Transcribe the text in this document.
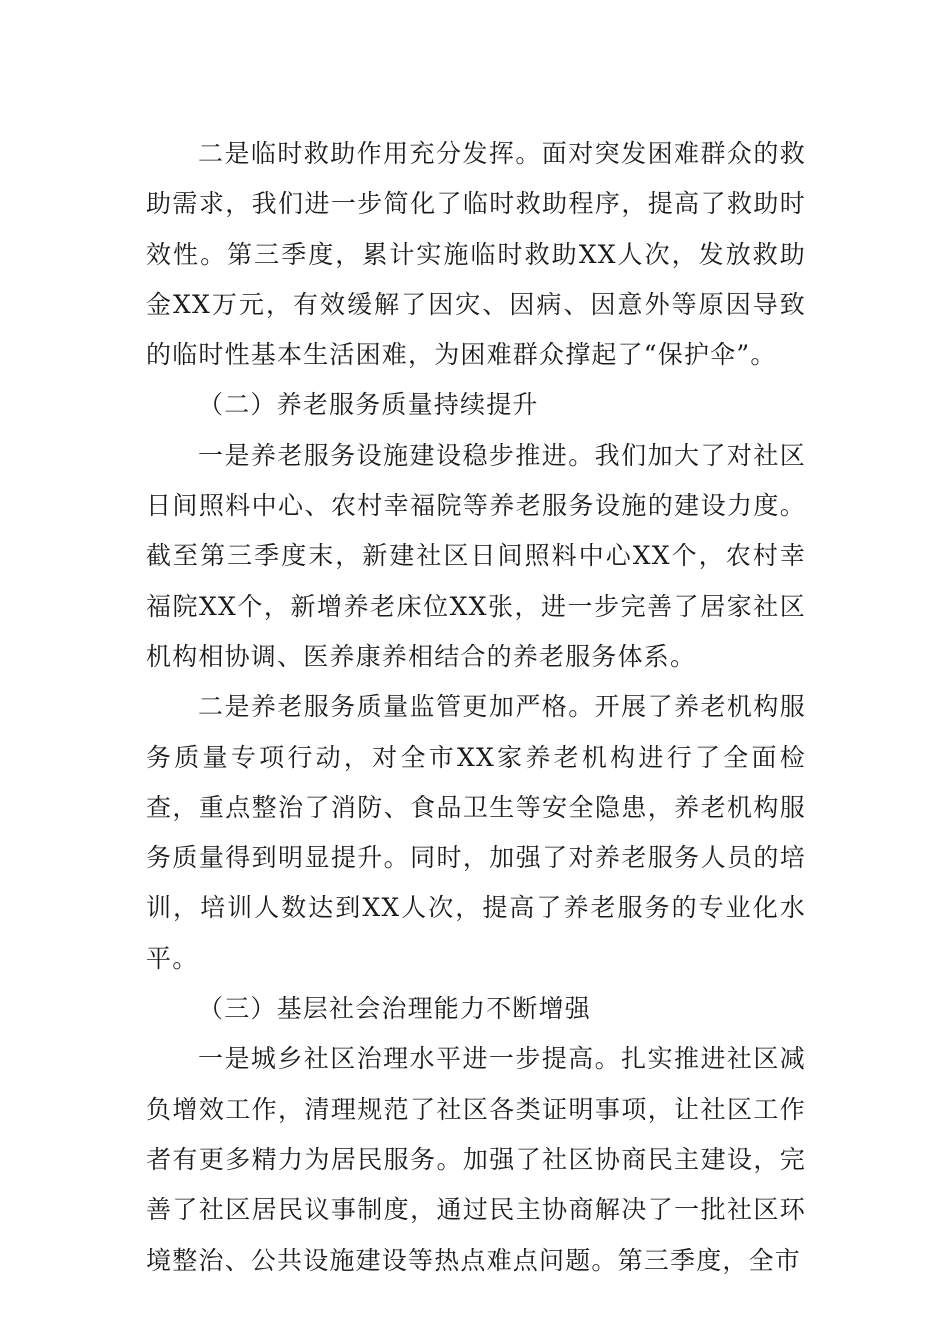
二是临时救助作用充分发挥。面对突发困难群众的救助需求，我们进一步简化了临时救助程序，提高了救助时效性。第三季度，累计实施临时救助XX人次，发放救助金XX万元，有效缓解了因灾、因病、因意外等原因导致的临时性基本生活困难，为困难群众撑起了“保护伞”。

（二）养老服务质量持续提升

一是养老服务设施建设稳步推进。我们加大了对社区日间照料中心、农村幸福院等养老服务设施的建设力度。截至第三季度末，新建社区日间照料中心XX个，农村幸福院XX个，新增养老床位XX张，进一步完善了居家社区机构相协调、医养康养相结合的养老服务体系。

二是养老服务质量监管更加严格。开展了养老机构服务质量专项行动，对全市XX家养老机构进行了全面检查，重点整治了消防、食品卫生等安全隐患，养老机构服务质量得到明显提升。同时，加强了对养老服务人员的培训，培训人数达到XX人次，提高了养老服务的专业化水平。

（三）基层社会治理能力不断增强

一是城乡社区治理水平进一步提高。扎实推进社区减负增效工作，清理规范了社区各类证明事项，让社区工作者有更多精力为居民服务。加强了社区协商民主建设，完善了社区居民议事制度，通过民主协商解决了一批社区环境整治、公共设施建设等热点难点问题。第三季度，全市
